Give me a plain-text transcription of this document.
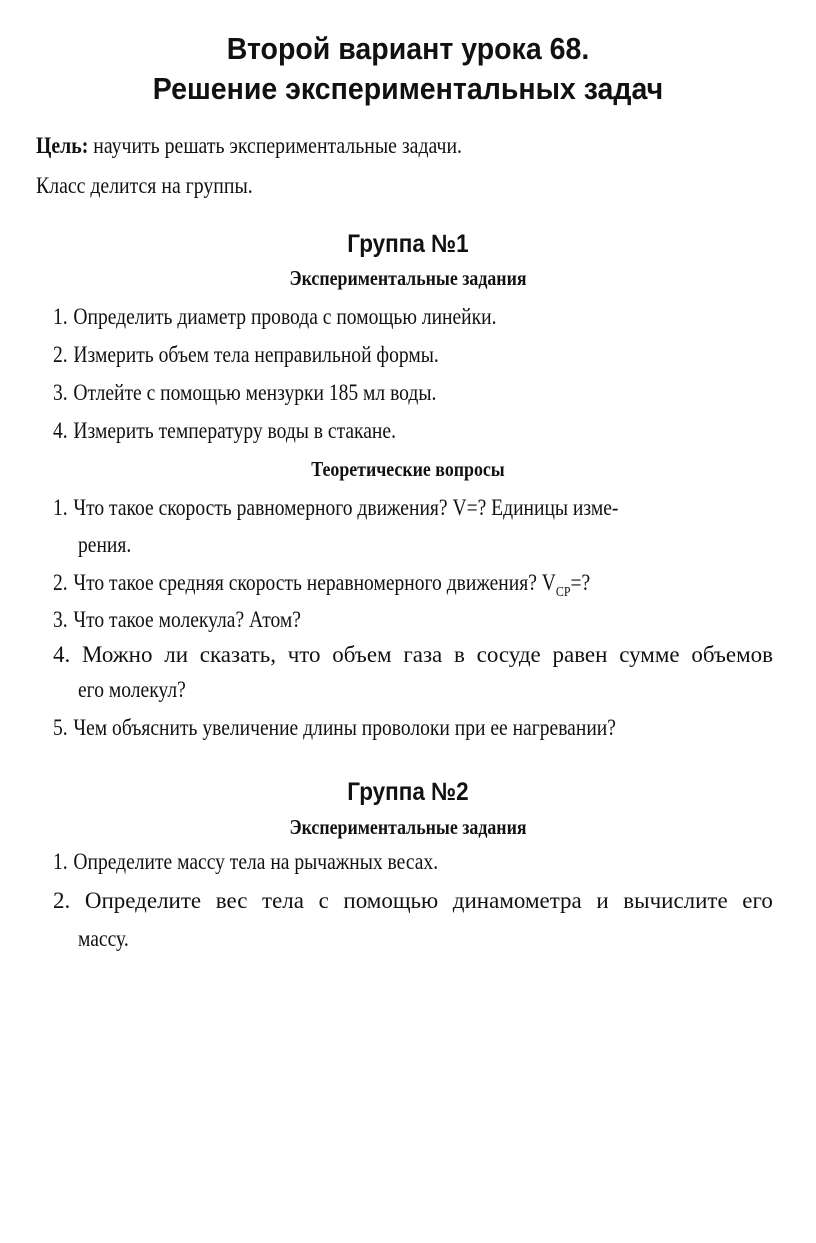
Второй вариант урока 68.
Решение экспериментальных задач
Цель: научить решать экспериментальные задачи.
Класс делится на группы.
Группа №1
Экспериментальные задания
1. Определить диаметр провода с помощью линейки.
2. Измерить объем тела неправильной формы.
3. Отлейте с помощью мензурки 185 мл воды.
4. Измерить температуру воды в стакане.
Теоретические вопросы
1. Что такое скорость равномерного движения? V=? Единицы изме-
рения.
2. Что такое средняя скорость неравномерного движения? $V_{CP}=$?
3. Что такое молекула? Атом?
4. Можно ли сказать, что объем газа в сосуде равен сумме объемов
его молекул?
5. Чем объяснить увеличение длины проволоки при ее нагревании?
Группа №2
Экспериментальные задания
1. Определите массу тела на рычажных весах.
2. Определите вес тела с помощью динамометра и вычислите его
массу.
